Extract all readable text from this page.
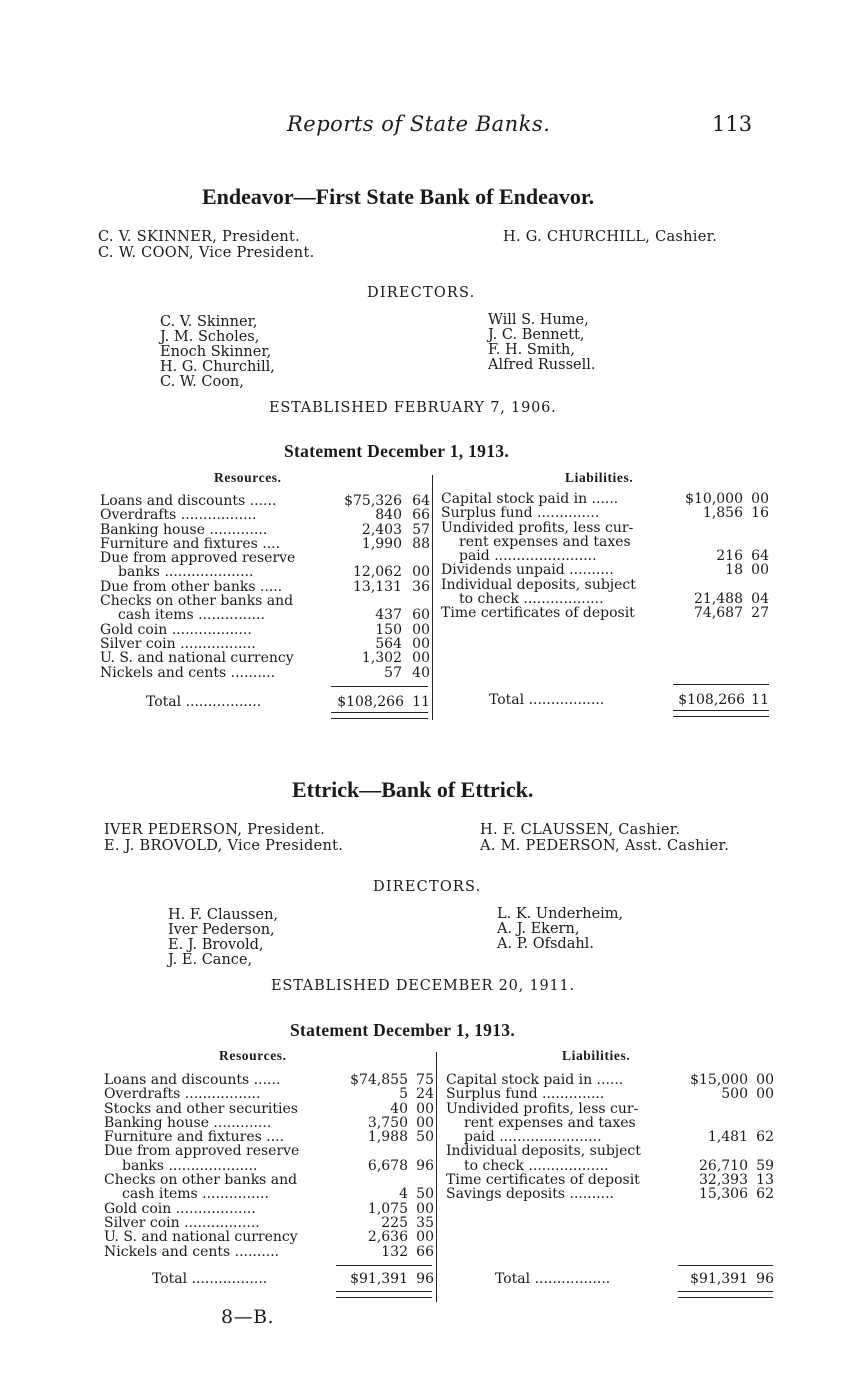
Reports of State Banks.	113
Endeavor—First State Bank of Endeavor.
C. V. SKINNER, President.
C. W. COON, Vice President.
H. G. CHURCHILL, Cashier.
DIRECTORS.
C. V. Skinner,
J. M. Scholes,
Enoch Skinner,
H. G. Churchill,
C. W. Coon,
Will S. Hume,
J. C. Bennett,
F. H. Smith,
Alfred Russell.
ESTABLISHED FEBRUARY 7, 1906.
Statement December 1, 1913.
Resources.	Liabilities.
Loans and discounts ......	$75,326	64
Overdrafts .................	840	66
Banking house .............	2,403	57
Furniture and fixtures ....	1,990	88
Due from approved reserve		
banks ....................	12,062	00
Due from other banks .....	13,131	36
Checks on other banks and		
cash items ...............	437	60
Gold coin ..................	150	00
Silver coin .................	564	00
U. S. and national currency	1,302	00
Nickels and cents ..........	57	40
Capital stock paid in ......	$10,000	00
Surplus fund ..............	1,856	16
Undivided profits, less cur-		
rent expenses and taxes		
paid .......................	216	64
Dividends unpaid ..........	18	00
Individual deposits, subject		
to check ..................	21,488	04
Time certificates of deposit	74,687	27
Total .................	$108,266	11	Total .................	$108,266	11
Ettrick—Bank of Ettrick.
IVER PEDERSON, President.
E. J. BROVOLD, Vice President.
H. F. CLAUSSEN, Cashier.
A. M. PEDERSON, Asst. Cashier.
DIRECTORS.
H. F. Claussen,
Iver Pederson,
E. J. Brovold,
J. E. Cance,
L. K. Underheim,
A. J. Ekern,
A. P. Ofsdahl.
ESTABLISHED DECEMBER 20, 1911.
Statement December 1, 1913.
Resources.	Liabilities.
Loans and discounts ......	$74,855	75
Overdrafts .................	5	24
Stocks and other securities	40	00
Banking house .............	3,750	00
Furniture and fixtures ....	1,988	50
Due from approved reserve		
banks ....................	6,678	96
Checks on other banks and		
cash items ...............	4	50
Gold coin ..................	1,075	00
Silver coin .................	225	35
U. S. and national currency	2,636	00
Nickels and cents ..........	132	66
Capital stock paid in ......	$15,000	00
Surplus fund ..............	500	00
Undivided profits, less cur-		
rent expenses and taxes		
paid .......................	1,481	62
Individual deposits, subject		
to check ..................	26,710	59
Time certificates of deposit	32,393	13
Savings deposits ..........	15,306	62
Total .................	$91,391	96	Total .................	$91,391	96
8—B.
